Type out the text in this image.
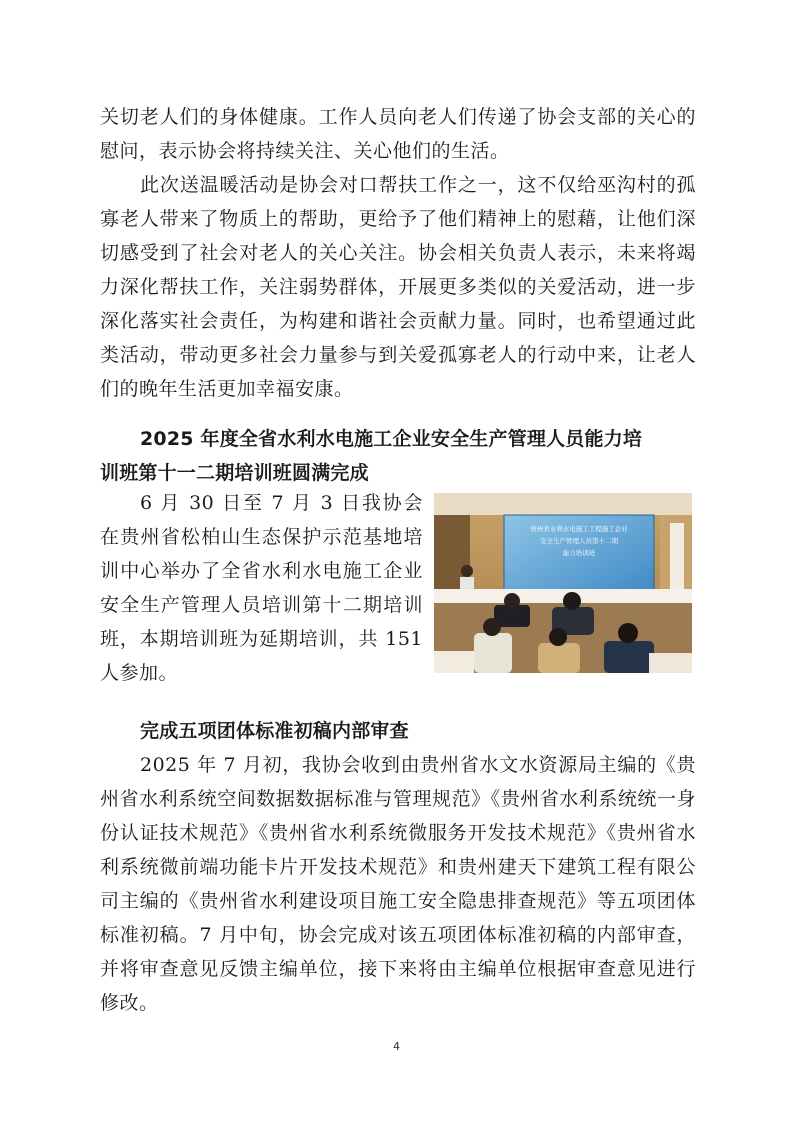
关切老人们的身体健康。工作人员向老人们传递了协会支部的关心的慰问，表示协会将持续关注、关心他们的生活。

此次送温暖活动是协会对口帮扶工作之一，这不仅给巫沟村的孤寡老人带来了物质上的帮助，更给予了他们精神上的慰藉，让他们深切感受到了社会对老人的关心关注。协会相关负责人表示，未来将竭力深化帮扶工作，关注弱势群体，开展更多类似的关爱活动，进一步深化落实社会责任，为构建和谐社会贡献力量。同时，也希望通过此类活动，带动更多社会力量参与到关爱孤寡老人的行动中来，让老人们的晚年生活更加幸福安康。

2025 年度全省水利水电施工企业安全生产管理人员能力培
训班第十一二期培训班圆满完成

6 月 30 日至 7 月 3 日我协会在贵州省松柏山生态保护示范基地培训中心举办了全省水利水电施工企业安全生产管理人员培训第十二期培训班，本期培训班为延期培训，共 151 人参加。

贵州省水利水电施工工程施工企业
安全生产管理人员第十二期
能力培训班
完成五项团体标准初稿内部审查

2025 年 7 月初，我协会收到由贵州省水文水资源局主编的《贵州省水利系统空间数据数据标准与管理规范》《贵州省水利系统统一身份认证技术规范》《贵州省水利系统微服务开发技术规范》《贵州省水利系统微前端功能卡片开发技术规范》和贵州建天下建筑工程有限公司主编的《贵州省水利建设项目施工安全隐患排查规范》等五项团体标准初稿。7 月中旬，协会完成对该五项团体标准初稿的内部审查，并将审查意见反馈主编单位，接下来将由主编单位根据审查意见进行修改。

4
